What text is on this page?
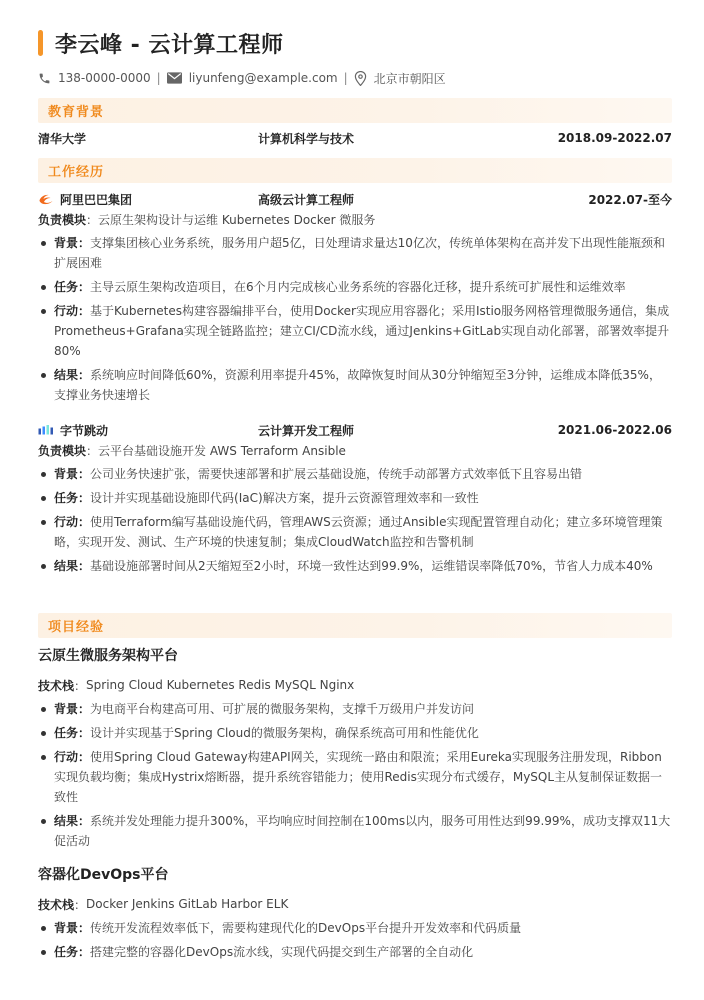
李云峰 - 云计算工程师
138-0000-0000 | liyunfeng@example.com | 北京市朝阳区
教育背景
清华大学	计算机科学与技术	2018.09-2022.07
工作经历
阿里巴巴集团	高级云计算工程师	2022.07-至今
负责模块 ： 云原生架构设计与运维 Kubernetes Docker 微服务
背景：支撑集团核心业务系统，服务用户超5亿，日处理请求量达10亿次，传统单体架构在高并发下出现性能瓶颈和扩展困难
任务：主导云原生架构改造项目，在6个月内完成核心业务系统的容器化迁移，提升系统可扩展性和运维效率
行动：基于Kubernetes构建容器编排平台，使用Docker实现应用容器化；采用Istio服务网格管理微服务通信，集成Prometheus+Grafana实现全链路监控；建立CI/CD流水线，通过Jenkins+GitLab实现自动化部署，部署效率提升80%
结果：系统响应时间降低60%，资源利用率提升45%，故障恢复时间从30分钟缩短至3分钟，运维成本降低35%，支撑业务快速增长
字节跳动	云计算开发工程师	2021.06-2022.06
负责模块 ： 云平台基础设施开发 AWS Terraform Ansible
背景：公司业务快速扩张，需要快速部署和扩展云基础设施，传统手动部署方式效率低下且容易出错
任务：设计并实现基础设施即代码(IaC)解决方案，提升云资源管理效率和一致性
行动：使用Terraform编写基础设施代码，管理AWS云资源；通过Ansible实现配置管理自动化；建立多环境管理策略，实现开发、测试、生产环境的快速复制；集成CloudWatch监控和告警机制
结果：基础设施部署时间从2天缩短至2小时，环境一致性达到99.9%，运维错误率降低70%，节省人力成本40%
项目经验
云原生微服务架构平台
技术栈 ： Spring Cloud Kubernetes Redis MySQL Nginx
背景：为电商平台构建高可用、可扩展的微服务架构，支撑千万级用户并发访问
任务：设计并实现基于Spring Cloud的微服务架构，确保系统高可用和性能优化
行动：使用Spring Cloud Gateway构建API网关，实现统一路由和限流；采用Eureka实现服务注册发现，Ribbon实现负载均衡；集成Hystrix熔断器，提升系统容错能力；使用Redis实现分布式缓存，MySQL主从复制保证数据一致性
结果：系统并发处理能力提升300%，平均响应时间控制在100ms以内，服务可用性达到99.99%，成功支撑双11大促活动
容器化DevOps平台
技术栈 ： Docker Jenkins GitLab Harbor ELK
背景：传统开发流程效率低下，需要构建现代化的DevOps平台提升开发效率和代码质量
任务：搭建完整的容器化DevOps流水线，实现代码提交到生产部署的全自动化
